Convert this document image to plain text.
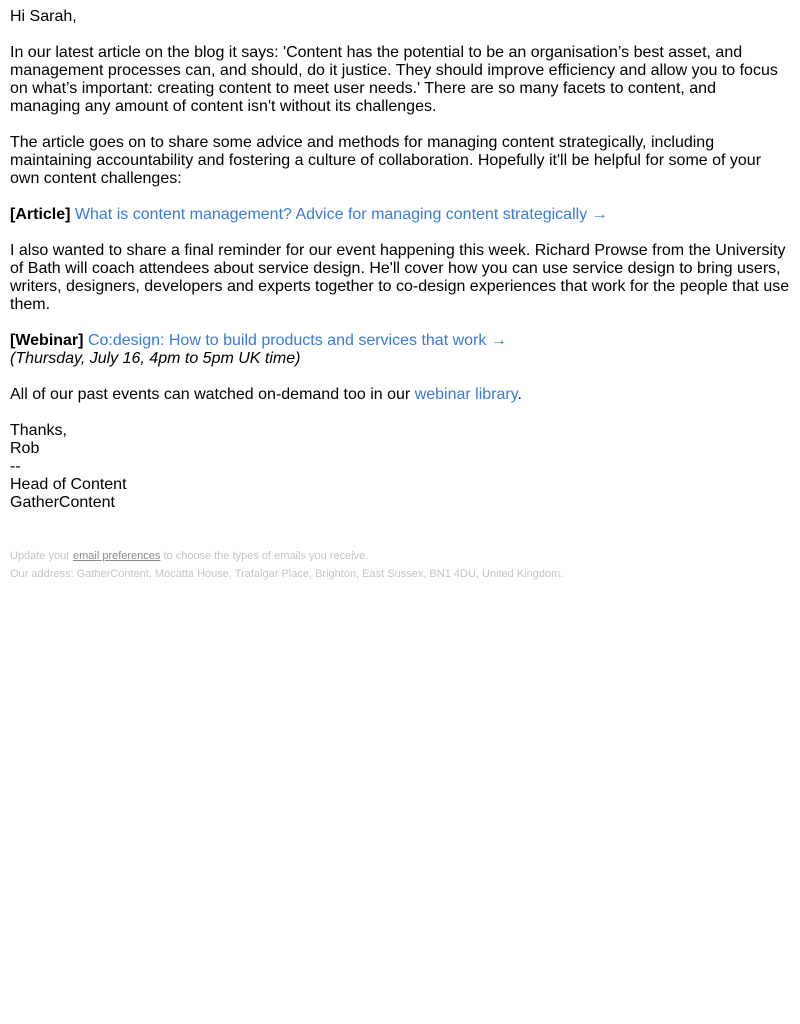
Hi Sarah,

In our latest article on the blog it says: 'Content has the potential to be an organisation’s best asset, and management processes can, and should, do it justice. They should improve efficiency and allow you to focus on what’s important: creating content to meet user needs.' There are so many facets to content, and managing any amount of content isn't without its challenges.

The article goes on to share some advice and methods for managing content strategically, including maintaining accountability and fostering a culture of collaboration. Hopefully it'll be helpful for some of your own content challenges:

[Article] What is content management? Advice for managing content strategically →

I also wanted to share a final reminder for our event happening this week. Richard Prowse from the University of Bath will coach attendees about service design. He'll cover how you can use service design to bring users, writers, designers, developers and experts together to co-design experiences that work for the people that use them.

[Webinar] Co:design: How to build products and services that work →
(Thursday, July 16, 4pm to 5pm UK time)

All of our past events can watched on-demand too in our webinar library.

Thanks,
Rob
--
Head of Content
GatherContent

Update your email preferences to choose the types of emails you receive.

Our address: GatherContent, Mocatta House, Trafalgar Place, Brighton, East Sussex, BN1 4DU, United Kingdom.
